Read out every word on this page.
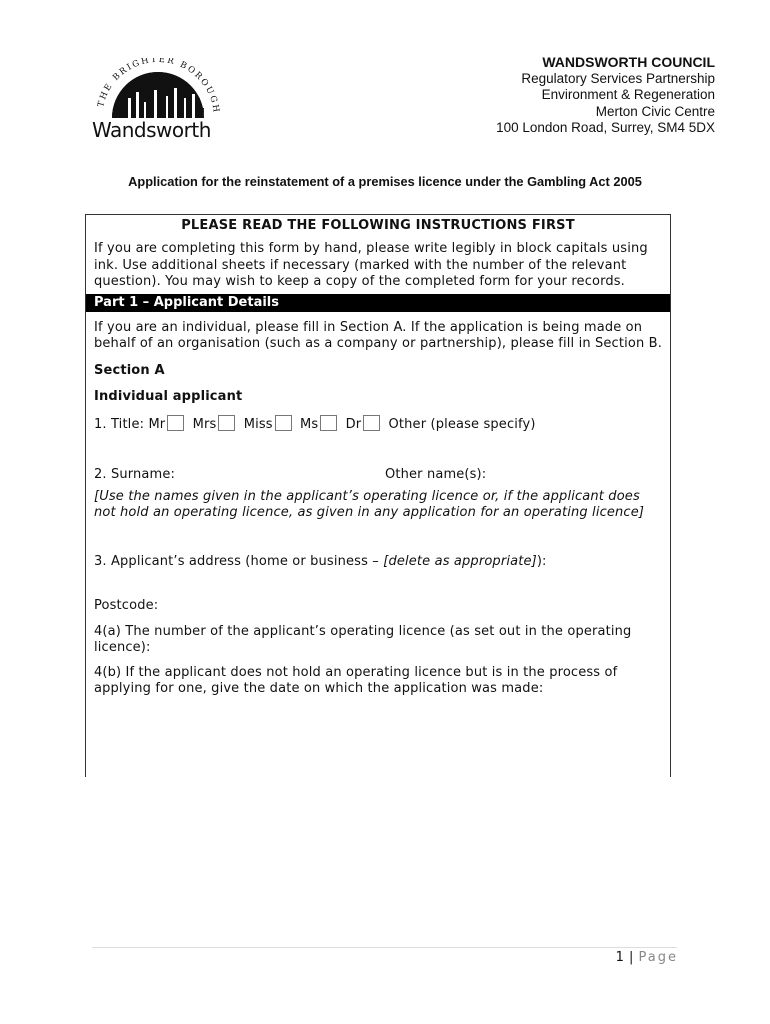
THE BRIGHTER BOROUGH
Wandsworth
WANDSWORTH COUNCIL
Regulatory Services Partnership
Environment & Regeneration
Merton Civic Centre
100 London Road, Surrey, SM4 5DX
Application for the reinstatement of a premises licence under the Gambling Act 2005
PLEASE READ THE FOLLOWING INSTRUCTIONS FIRST
If you are completing this form by hand, please write legibly in block capitals using ink. Use additional sheets if necessary (marked with the number of the relevant question). You may wish to keep a copy of the completed form for your records.
Part 1 – Applicant Details
If you are an individual, please fill in Section A. If the application is being made on behalf of an organisation (such as a company or partnership), please fill in Section B.
Section A
Individual applicant
1. Title: Mr Mrs Miss Ms Dr Other (please specify)
2. Surname:	Other name(s):
[Use the names given in the applicant’s operating licence or, if the applicant does not hold an operating licence, as given in any application for an operating licence]
3. Applicant’s address (home or business – [delete as appropriate]):
Postcode:
4(a) The number of the applicant’s operating licence (as set out in the operating licence):
4(b) If the applicant does not hold an operating licence but is in the process of applying for one, give the date on which the application was made:
1 | Page
